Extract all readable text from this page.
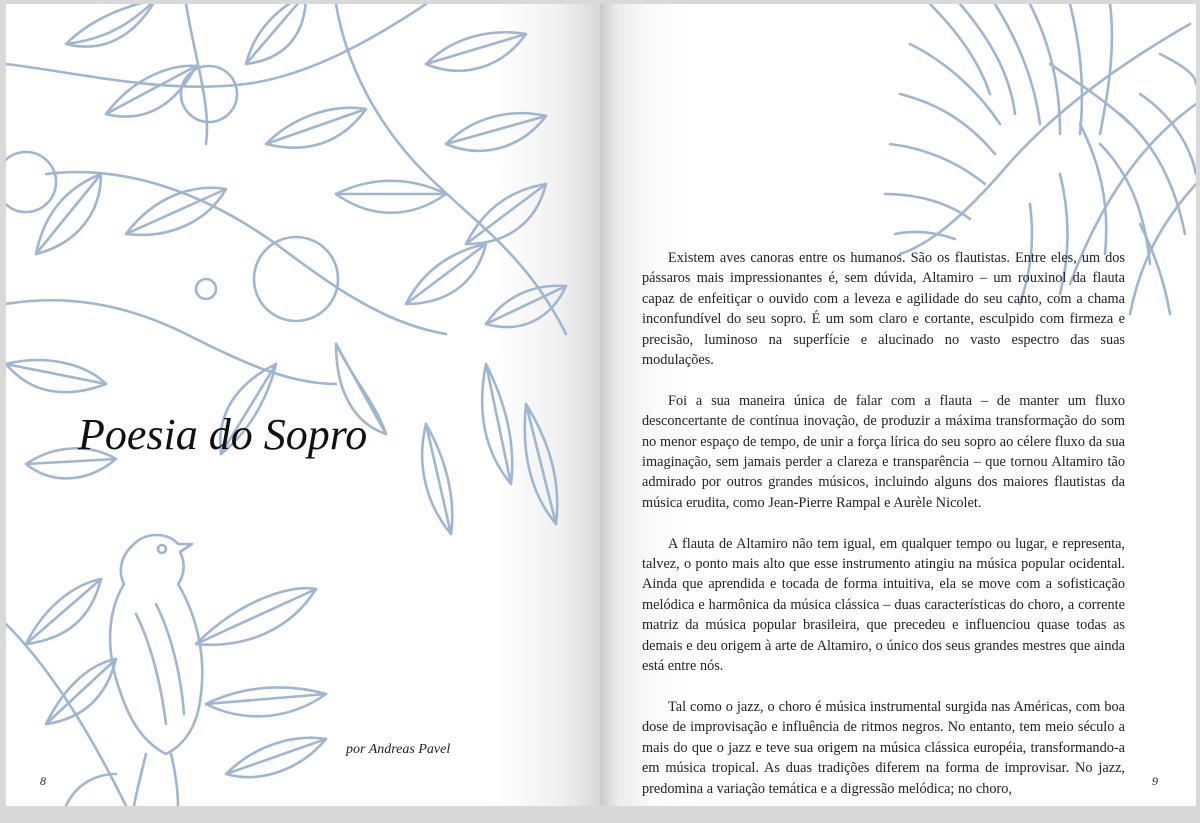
Poesia do Sopro
por Andreas Pavel
8

Existem aves canoras entre os humanos. São os flautistas. Entre eles, um dos pássaros mais impressionantes é, sem dúvida, Altamiro – um rouxinol da flauta capaz de enfeitiçar o ouvido com a leveza e agilidade do seu canto, com a chama inconfundível do seu sopro. É um som claro e cortante, esculpido com firmeza e precisão, luminoso na superfície e alucinado no vasto espectro das suas modulações.

Foi a sua maneira única de falar com a flauta – de manter um fluxo desconcertante de contínua inovação, de produzir a máxima transformação do som no menor espaço de tempo, de unir a força lírica do seu sopro ao célere fluxo da sua imaginação, sem jamais perder a clareza e transparência – que tornou Altamiro tão admirado por outros grandes músicos, incluindo alguns dos maiores flautistas da música erudita, como Jean-Pierre Rampal e Aurèle Nicolet.

A flauta de Altamiro não tem igual, em qualquer tempo ou lugar, e representa, talvez, o ponto mais alto que esse instrumento atingiu na música popular ocidental. Ainda que aprendida e tocada de forma intuitiva, ela se move com a sofisticação melódica e harmônica da música clássica – duas características do choro, a corrente matriz da música popular brasileira, que precedeu e influenciou quase todas as demais e deu origem à arte de Altamiro, o único dos seus grandes mestres que ainda está entre nós.

Tal como o jazz, o choro é música instrumental surgida nas Américas, com boa dose de improvisação e influência de ritmos negros. No entanto, tem meio século a mais do que o jazz e teve sua origem na música clássica européia, transformando-a em música tropical. As duas tradições diferem na forma de improvisar. No jazz, predomina a variação temática e a digressão melódica; no choro,	9
